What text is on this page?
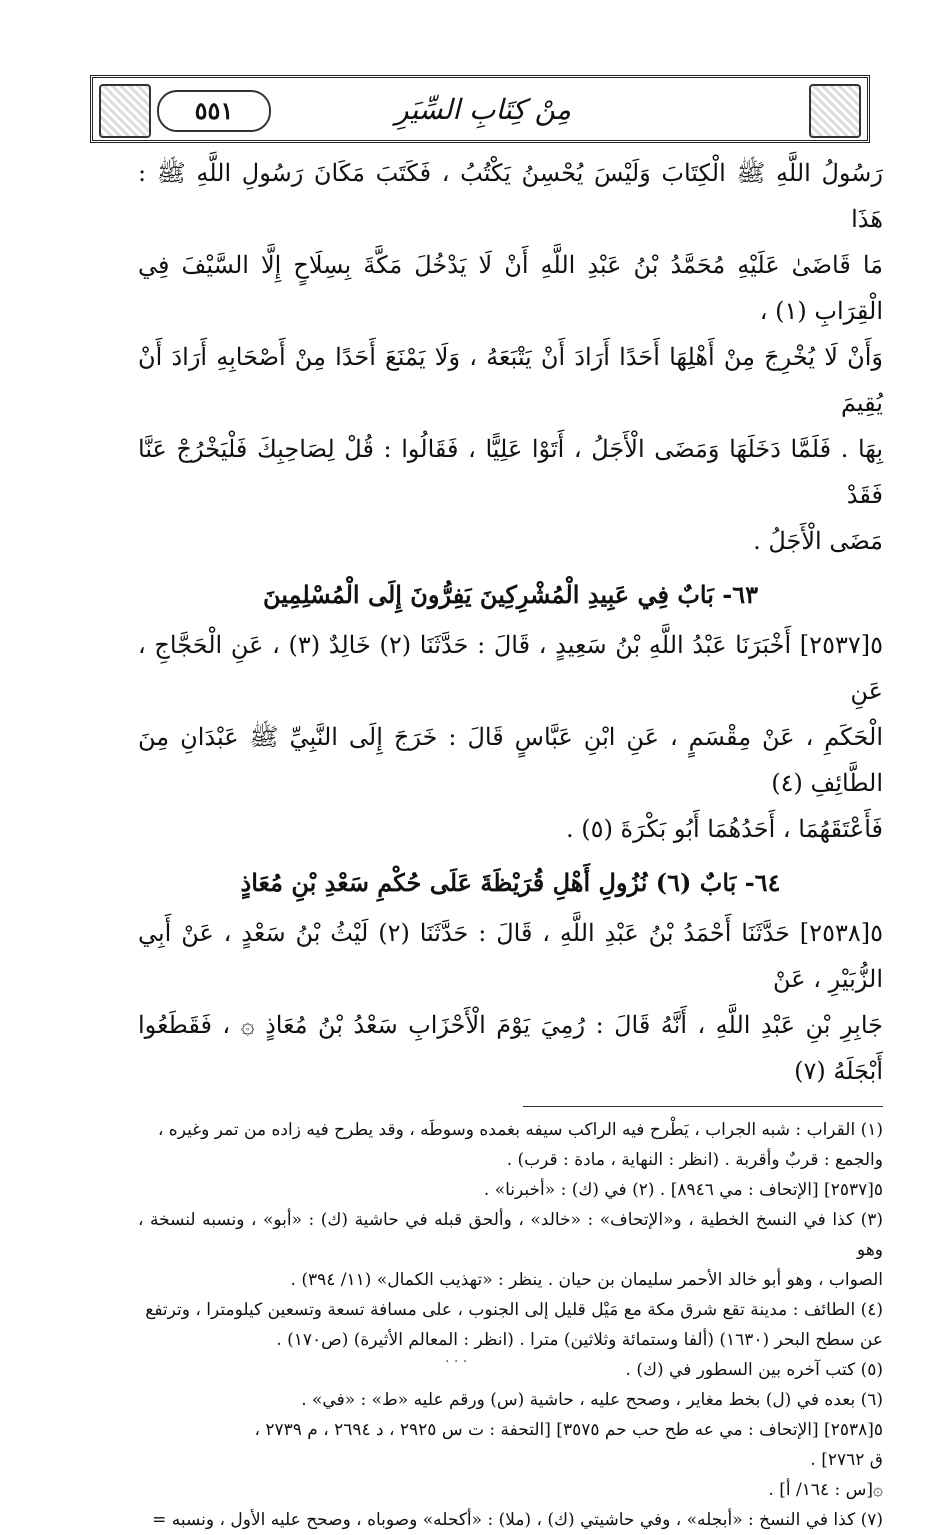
٥٥١	مِنْ كِتَابِ السِّيَرِ

رَسُولُ اللَّهِ ﷺ الْكِتَابَ وَلَيْسَ يُحْسِنُ يَكْتُبُ ، فَكَتَبَ مَكَانَ رَسُولِ اللَّهِ ﷺ : هَذَا

مَا قَاضَىٰ عَلَيْهِ مُحَمَّدُ بْنُ عَبْدِ اللَّهِ أَنْ لَا يَدْخُلَ مَكَّةَ بِسِلَاحٍ إِلَّا السَّيْفَ فِي الْقِرَابِ (١) ،

وَأَنْ لَا يُخْرِجَ مِنْ أَهْلِهَا أَحَدًا أَرَادَ أَنْ يَتْبَعَهُ ، وَلَا يَمْنَعَ أَحَدًا مِنْ أَصْحَابِهِ أَرَادَ أَنْ يُقِيمَ

بِهَا . فَلَمَّا دَخَلَهَا وَمَضَى الْأَجَلُ ، أَتَوْا عَلِيًّا ، فَقَالُوا : قُلْ لِصَاحِبِكَ فَلْيَخْرُجْ عَنَّا فَقَدْ

مَضَى الْأَجَلُ .

٦٣- بَابٌ فِي عَبِيدِ الْمُشْرِكِينَ يَفِرُّونَ إِلَى الْمُسْلِمِينَ

٥[٢٥٣٧] أَخْبَرَنَا عَبْدُ اللَّهِ بْنُ سَعِيدٍ ، قَالَ : حَدَّثَنَا (٢) خَالِدٌ (٣) ، عَنِ الْحَجَّاجِ ، عَنِ

الْحَكَمِ ، عَنْ مِقْسَمٍ ، عَنِ ابْنِ عَبَّاسٍ قَالَ : خَرَجَ إِلَى النَّبِيِّ ﷺ عَبْدَانِ مِنَ الطَّائِفِ (٤)

فَأَعْتَقَهُمَا ، أَحَدُهُمَا أَبُو بَكْرَةَ (٥) .

٦٤- بَابٌ (٦) نُزُولِ أَهْلِ قُرَيْظَةَ عَلَى حُكْمِ سَعْدِ بْنِ مُعَاذٍ

٥[٢٥٣٨] حَدَّثَنَا أَحْمَدُ بْنُ عَبْدِ اللَّهِ ، قَالَ : حَدَّثَنَا (٢) لَيْثُ بْنُ سَعْدٍ ، عَنْ أَبِي الزُّبَيْرِ ، عَنْ

جَابِرِ بْنِ عَبْدِ اللَّهِ ، أَنَّهُ قَالَ : رُمِيَ يَوْمَ الْأَحْزَابِ سَعْدُ بْنُ مُعَاذٍ ۞ ، فَقَطَعُوا أَبْجَلَهُ (٧)

(١) القراب : شبه الجراب ، يَطْرح فيه الراكب سيفه بغمده وسوطَه ، وقد يطرح فيه زاده من تمر وغيره ،

والجمع : قربٌ وأقربة . (انظر : النهاية ، مادة : قرب) .

٥[٢٥٣٧] [الإتحاف : مي ٨٩٤٦] . (٢) في (ك) : «أخبرنا» .

(٣) كذا في النسخ الخطية ، و«الإتحاف» : «خالد» ، وألحق قبله في حاشية (ك) : «أبو» ، ونسبه لنسخة ، وهو

الصواب ، وهو أبو خالد الأحمر سليمان بن حيان . ينظر : «تهذيب الكمال» (١١/ ٣٩٤) .

(٤) الطائف : مدينة تقع شرق مكة مع مَيْل قليل إلى الجنوب ، على مسافة تسعة وتسعين كيلومترا ، وترتفع

عن سطح البحر (١٦٣٠) (ألفا وستمائة وثلاثين) مترا . (انظر : المعالم الأثيرة) (ص١٧٠) .

(٥) كتب آخره بين السطور في (ك) .

(٦) بعده في (ل) بخط مغاير ، وصحح عليه ، حاشية (س) ورقم عليه «ط» : «في» .

٥[٢٥٣٨] [الإتحاف : مي عه طح حب حم ٣٥٧٥] [التحفة : ت س ٢٩٢٥ ، د ٢٦٩٤ ، م ٢٧٣٩ ،

ق ٢٧٦٢] .

۞[س : ١٦٤/ أ] .

(٧) كذا في النسخ : «أبجله» ، وفي حاشيتي (ك) ، (ملا) : «أكحله» وصوباه ، وصحح عليه الأول ، ونسبه =

. . .
